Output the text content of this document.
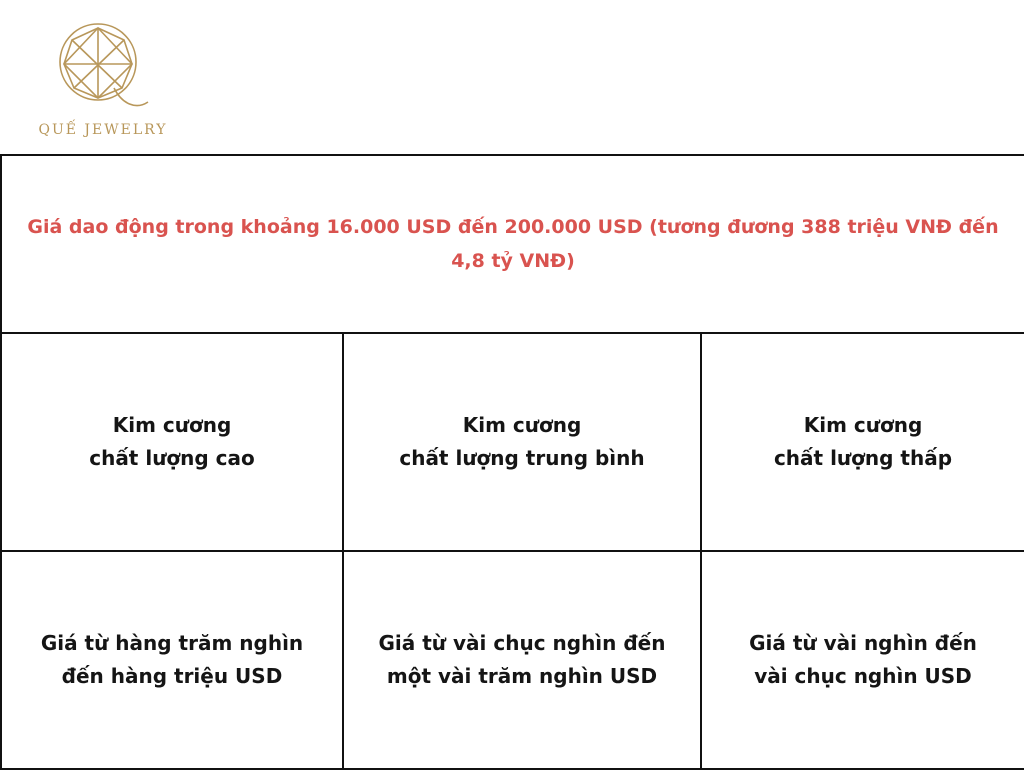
QUẾ JEWELRY
Giá dao động trong khoảng 16.000 USD đến 200.000 USD (tương đương 388 triệu VNĐ đến 4,8 tỷ VNĐ)
Kim cương
chất lượng cao
Kim cương
chất lượng trung bình
Kim cương
chất lượng thấp
Giá từ hàng trăm nghìn
đến hàng triệu USD
Giá từ vài chục nghìn đến
một vài trăm nghìn USD
Giá từ vài nghìn đến
vài chục nghìn USD
